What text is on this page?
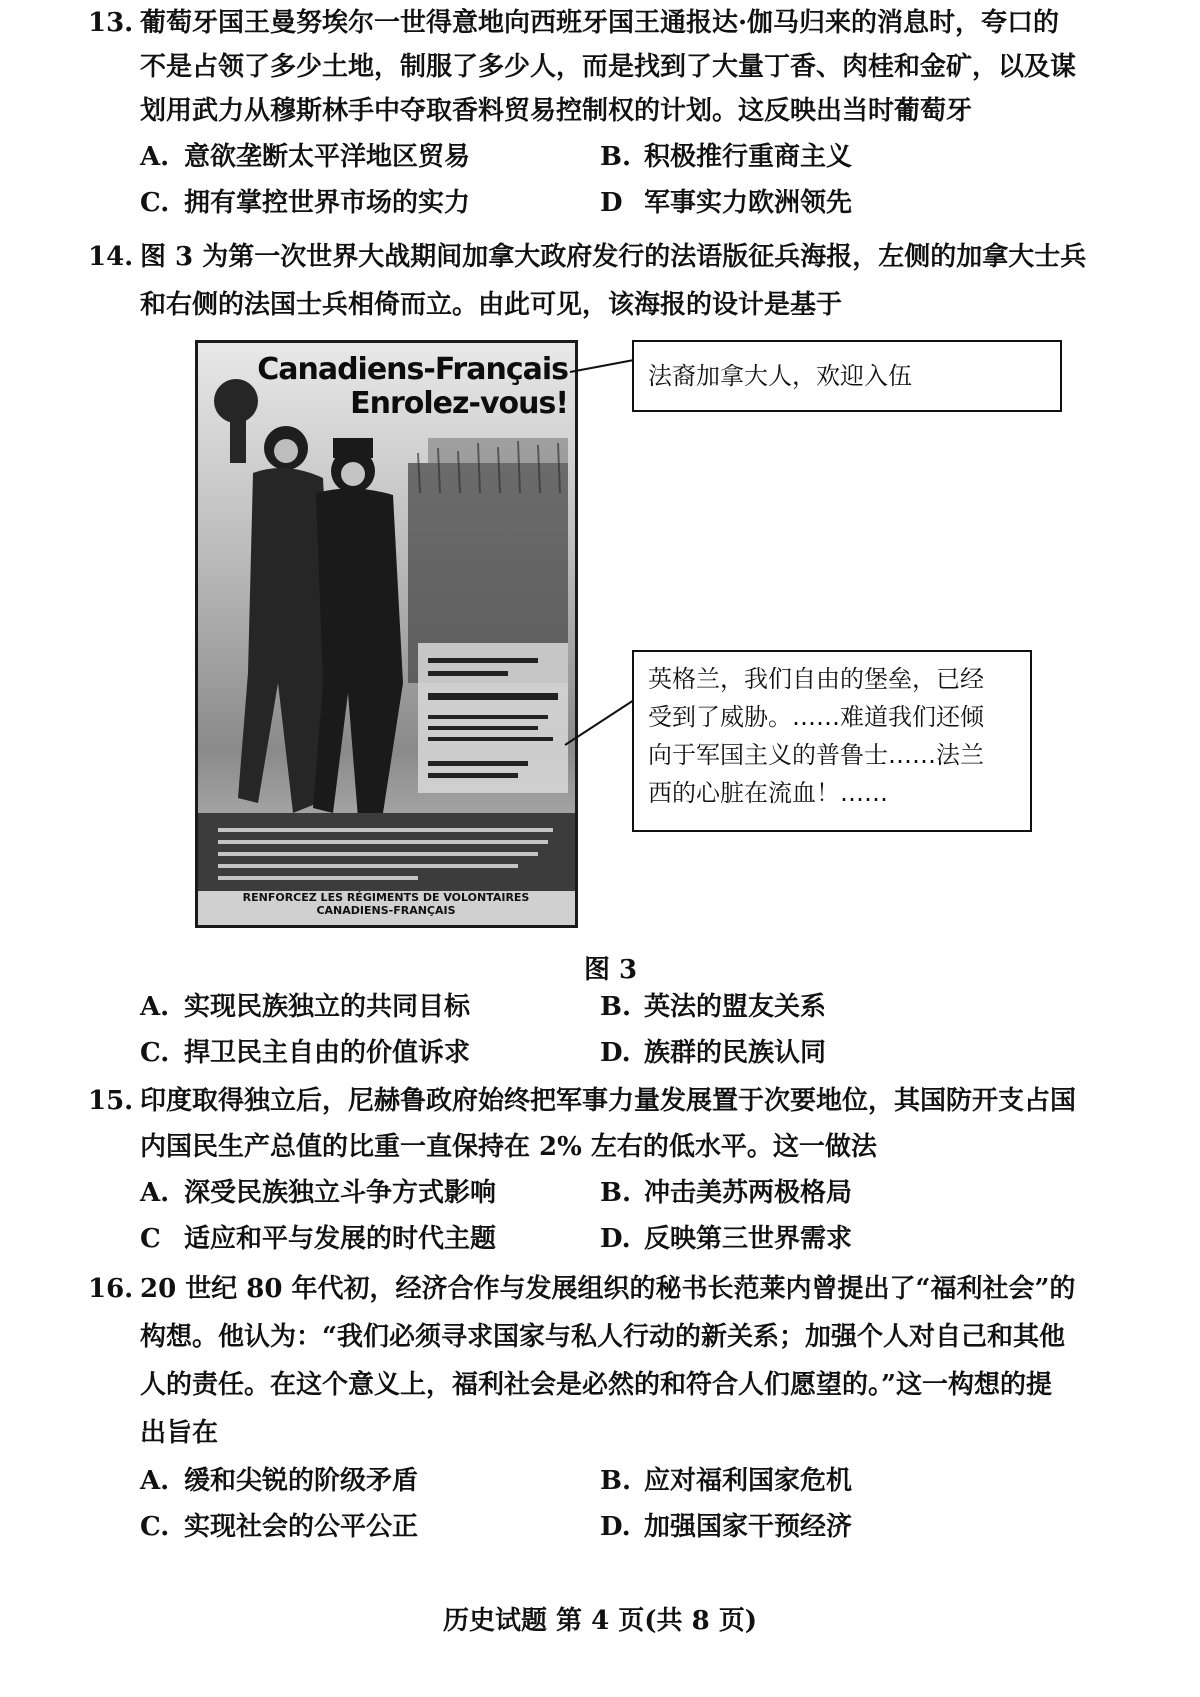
13. 葡萄牙国王曼努埃尔一世得意地向西班牙国王通报达·伽马归来的消息时，夸口的
不是占领了多少土地，制服了多少人，而是找到了大量丁香、肉桂和金矿，以及谋
划用武力从穆斯林手中夺取香料贸易控制权的计划。这反映出当时葡萄牙
A. 意欲垄断太平洋地区贸易	B. 积极推行重商主义
C. 拥有掌控世界市场的实力	D 军事实力欧洲领先
14. 图 3 为第一次世界大战期间加拿大政府发行的法语版征兵海报，左侧的加拿大士兵
和右侧的法国士兵相倚而立。由此可见，该海报的设计是基于
Canadiens-Français
Enrolez-vous!
RENFORCEZ LES RÉGIMENTS DE VOLONTAIRES CANADIENS-FRANÇAIS
法裔加拿大人，欢迎入伍
英格兰，我们自由的堡垒，已经
受到了威胁。……难道我们还倾
向于军国主义的普鲁士……法兰
西的心脏在流血！……
图 3
A. 实现民族独立的共同目标	B. 英法的盟友关系
C. 捍卫民主自由的价值诉求	D. 族群的民族认同
15. 印度取得独立后，尼赫鲁政府始终把军事力量发展置于次要地位，其国防开支占国
内国民生产总值的比重一直保持在 2% 左右的低水平。这一做法
A. 深受民族独立斗争方式影响	B. 冲击美苏两极格局
C 适应和平与发展的时代主题	D. 反映第三世界需求
16. 20 世纪 80 年代初，经济合作与发展组织的秘书长范莱内曾提出了“福利社会”的
构想。他认为：“我们必须寻求国家与私人行动的新关系；加强个人对自己和其他
人的责任。在这个意义上，福利社会是必然的和符合人们愿望的。”这一构想的提
出旨在
A. 缓和尖锐的阶级矛盾	B. 应对福利国家危机
C. 实现社会的公平公正	D. 加强国家干预经济
历史试题 第 4 页(共 8 页)
